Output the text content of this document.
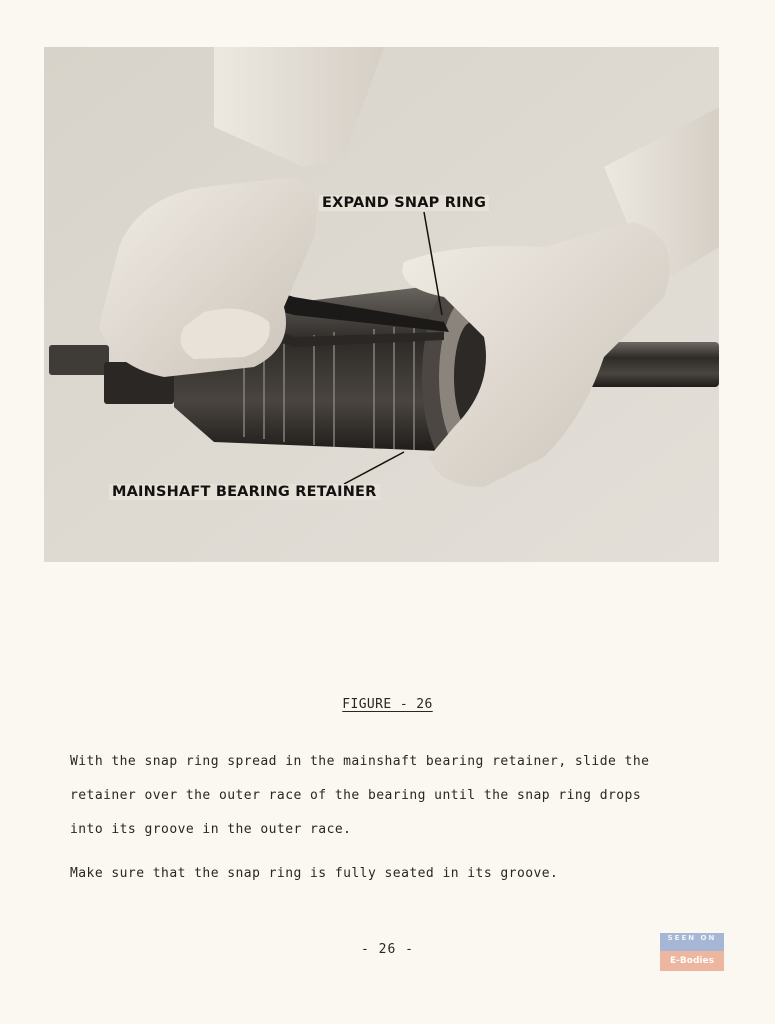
EXPAND SNAP RING
MAINSHAFT BEARING RETAINER
FIGURE - 26

With the snap ring spread in the mainshaft bearing retainer, slide the
retainer over the outer race of the bearing until the snap ring drops
into its groove in the outer race.

Make sure that the snap ring is fully seated in its groove.

- 26 -
SEEN ON
E-Bodies
